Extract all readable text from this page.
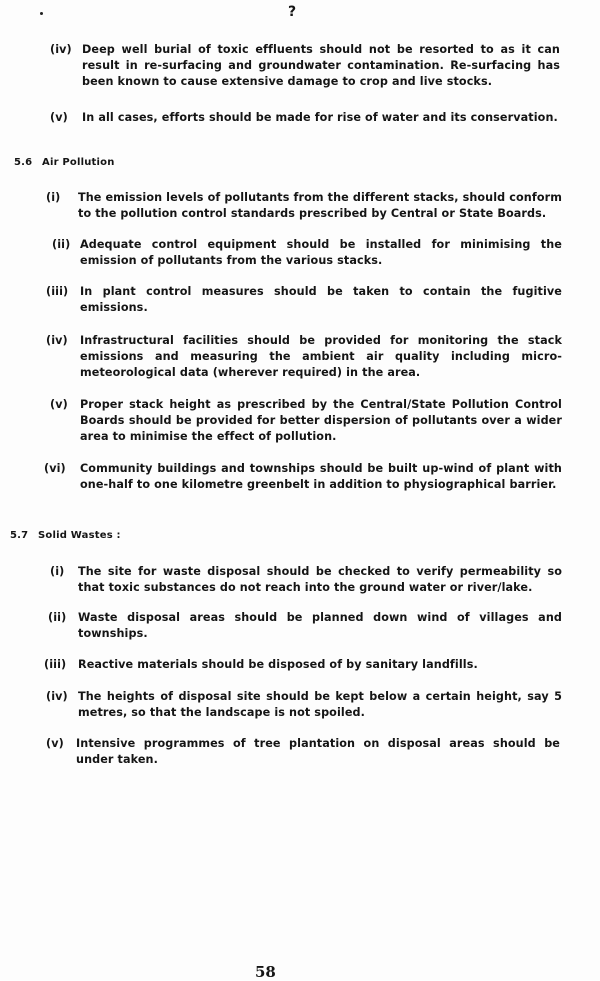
?
(iv) Deep well burial of toxic effluents should not be resorted to as it can result in re-surfacing and groundwater contamination. Re-surfacing has been known to cause extensive damage to crop and live stocks.
(v) In all cases, efforts should be made for rise of water and its conservation.
5.6 Air Pollution
(i) The emission levels of pollutants from the different stacks, should conform to the pollution control standards prescribed by Central or State Boards.
(ii) Adequate control equipment should be installed for minimising the emission of pollutants from the various stacks.
(iii) In plant control measures should be taken to contain the fugitive emissions.
(iv) Infrastructural facilities should be provided for monitoring the stack emissions and measuring the ambient air quality including micro-meteorological data (wherever required) in the area.
(v) Proper stack height as prescribed by the Central/State Pollution Control Boards should be provided for better dispersion of pollutants over a wider area to minimise the effect of pollution.
(vi) Community buildings and townships should be built up-wind of plant with one-half to one kilometre greenbelt in addition to physiographical barrier.
5.7 Solid Wastes :
(i) The site for waste disposal should be checked to verify permeability so that toxic substances do not reach into the ground water or river/lake.
(ii) Waste disposal areas should be planned down wind of villages and townships.
(iii) Reactive materials should be disposed of by sanitary landfills.
(iv) The heights of disposal site should be kept below a certain height, say 5 metres, so that the landscape is not spoiled.
(v) Intensive programmes of tree plantation on disposal areas should be under taken.
58
